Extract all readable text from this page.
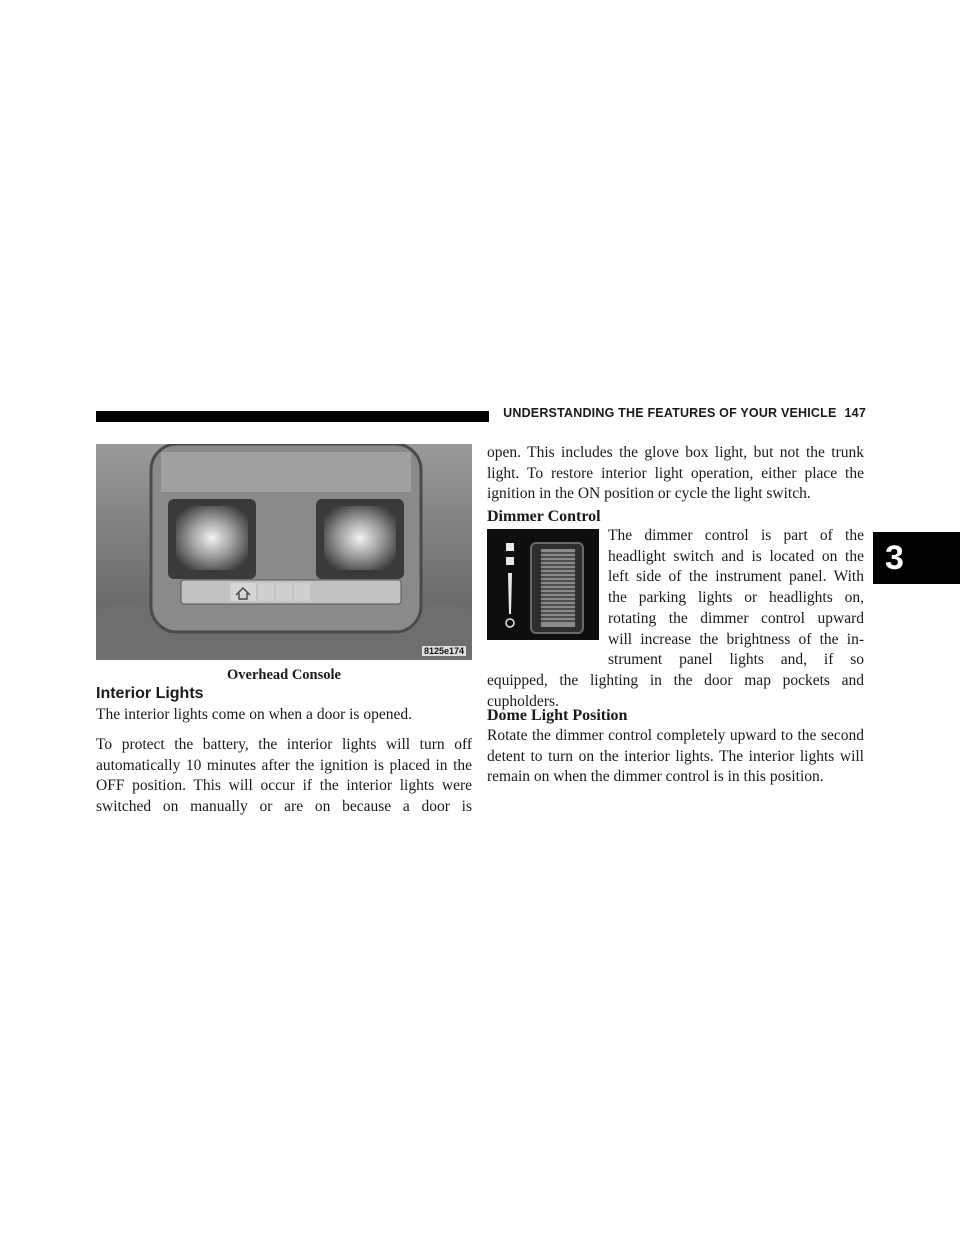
UNDERSTANDING THE FEATURES OF YOUR VEHICLE 147
3
8125e174
Overhead Console
Interior Lights

The interior lights come on when a door is opened.

To protect the battery, the interior lights will turn off automatically 10 minutes after the ignition is placed in the OFF position. This will occur if the interior lights were switched on manually or are on because a door is

open. This includes the glove box light, but not the trunk light. To restore interior light operation, either place the ignition in the ON position or cycle the light switch.

Dimmer Control

The dimmer control is part of the

headlight switch and is located on the

left side of the instrument panel. With

the parking lights or headlights on,

rotating the dimmer control upward

will increase the brightness of the in-

strument panel lights and, if so

equipped, the lighting in the door map pockets and cupholders.

Dome Light Position

Rotate the dimmer control completely upward to the second detent to turn on the interior lights. The interior lights will remain on when the dimmer control is in this position.
